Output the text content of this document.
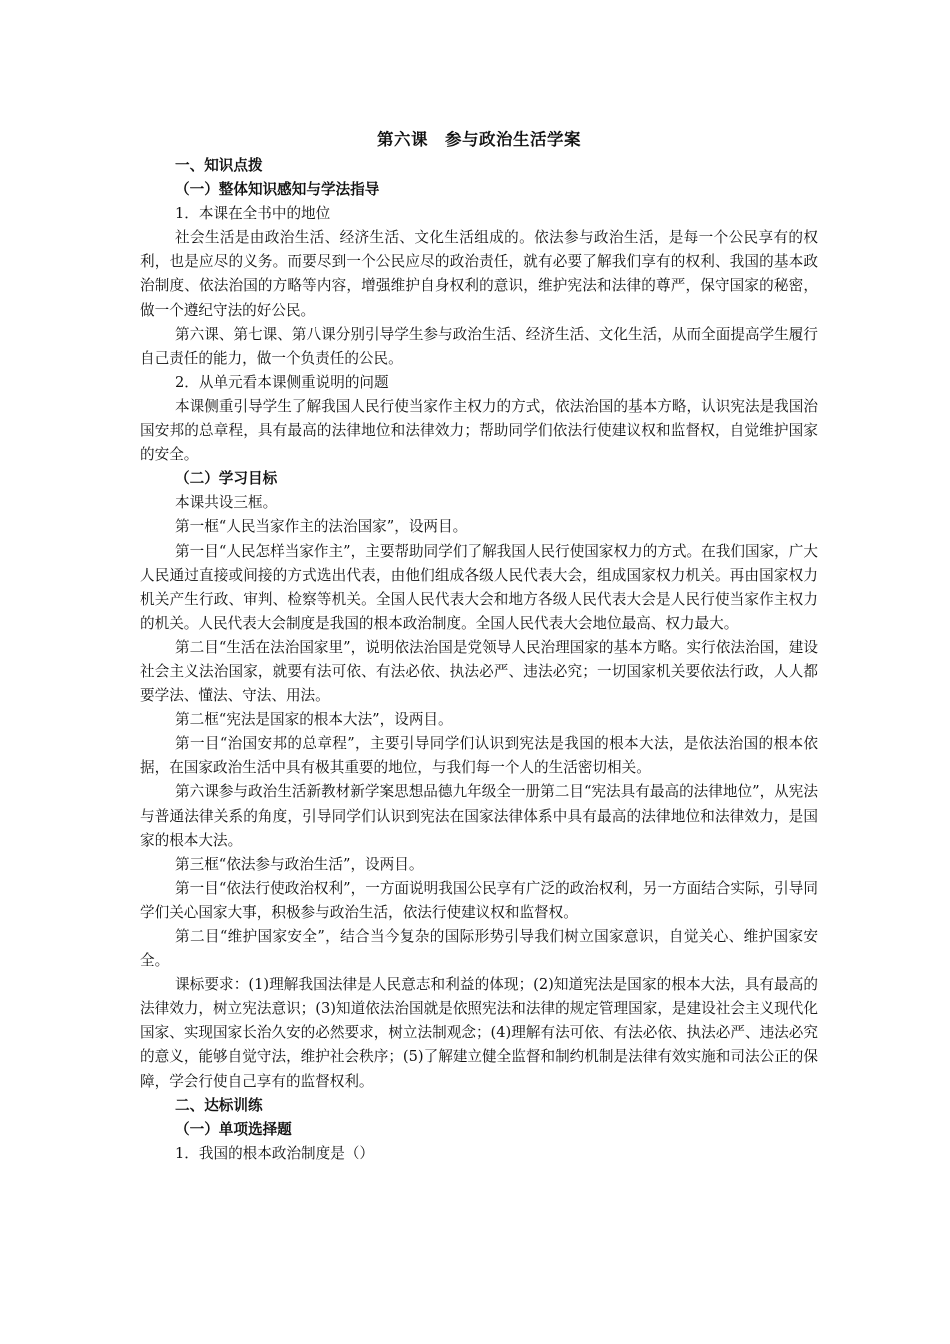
第六课　参与政治生活学案
一、知识点拨
（一）整体知识感知与学法指导

1．本课在全书中的地位

社会生活是由政治生活、经济生活、文化生活组成的。依法参与政治生活，是每一个公民享有的权利，也是应尽的义务。而要尽到一个公民应尽的政治责任，就有必要了解我们享有的权利、我国的基本政治制度、依法治国的方略等内容，增强维护自身权利的意识，维护宪法和法律的尊严，保守国家的秘密，做一个遵纪守法的好公民。

第六课、第七课、第八课分别引导学生参与政治生活、经济生活、文化生活，从而全面提高学生履行自己责任的能力，做一个负责任的公民。

2．从单元看本课侧重说明的问题

本课侧重引导学生了解我国人民行使当家作主权力的方式，依法治国的基本方略，认识宪法是我国治国安邦的总章程，具有最高的法律地位和法律效力；帮助同学们依法行使建议权和监督权，自觉维护国家的安全。

（二）学习目标

本课共设三框。

第一框“人民当家作主的法治国家”，设两目。

第一目“人民怎样当家作主”，主要帮助同学们了解我国人民行使国家权力的方式。在我们国家，广大人民通过直接或间接的方式选出代表，由他们组成各级人民代表大会，组成国家权力机关。再由国家权力机关产生行政、审判、检察等机关。全国人民代表大会和地方各级人民代表大会是人民行使当家作主权力的机关。人民代表大会制度是我国的根本政治制度。全国人民代表大会地位最高、权力最大。

第二目“生活在法治国家里”，说明依法治国是党领导人民治理国家的基本方略。实行依法治国，建设社会主义法治国家，就要有法可依、有法必依、执法必严、违法必究；一切国家机关要依法行政，人人都要学法、懂法、守法、用法。

第二框“宪法是国家的根本大法”，设两目。

第一目“治国安邦的总章程”，主要引导同学们认识到宪法是我国的根本大法，是依法治国的根本依据，在国家政治生活中具有极其重要的地位，与我们每一个人的生活密切相关。

第六课参与政治生活新教材新学案思想品德九年级全一册第二目“宪法具有最高的法律地位”，从宪法与普通法律关系的角度，引导同学们认识到宪法在国家法律体系中具有最高的法律地位和法律效力，是国家的根本大法。

第三框“依法参与政治生活”，设两目。

第一目“依法行使政治权利”，一方面说明我国公民享有广泛的政治权利，另一方面结合实际，引导同学们关心国家大事，积极参与政治生活，依法行使建议权和监督权。

第二目“维护国家安全”，结合当今复杂的国际形势引导我们树立国家意识，自觉关心、维护国家安全。

课标要求：(1)理解我国法律是人民意志和利益的体现；(2)知道宪法是国家的根本大法，具有最高的法律效力，树立宪法意识；(3)知道依法治国就是依照宪法和法律的规定管理国家，是建设社会主义现代化国家、实现国家长治久安的必然要求，树立法制观念；(4)理解有法可依、有法必依、执法必严、违法必究的意义，能够自觉守法，维护社会秩序；(5)了解建立健全监督和制约机制是法律有效实施和司法公正的保障，学会行使自己享有的监督权利。

二、达标训练
（一）单项选择题

1．我国的根本政治制度是（）
